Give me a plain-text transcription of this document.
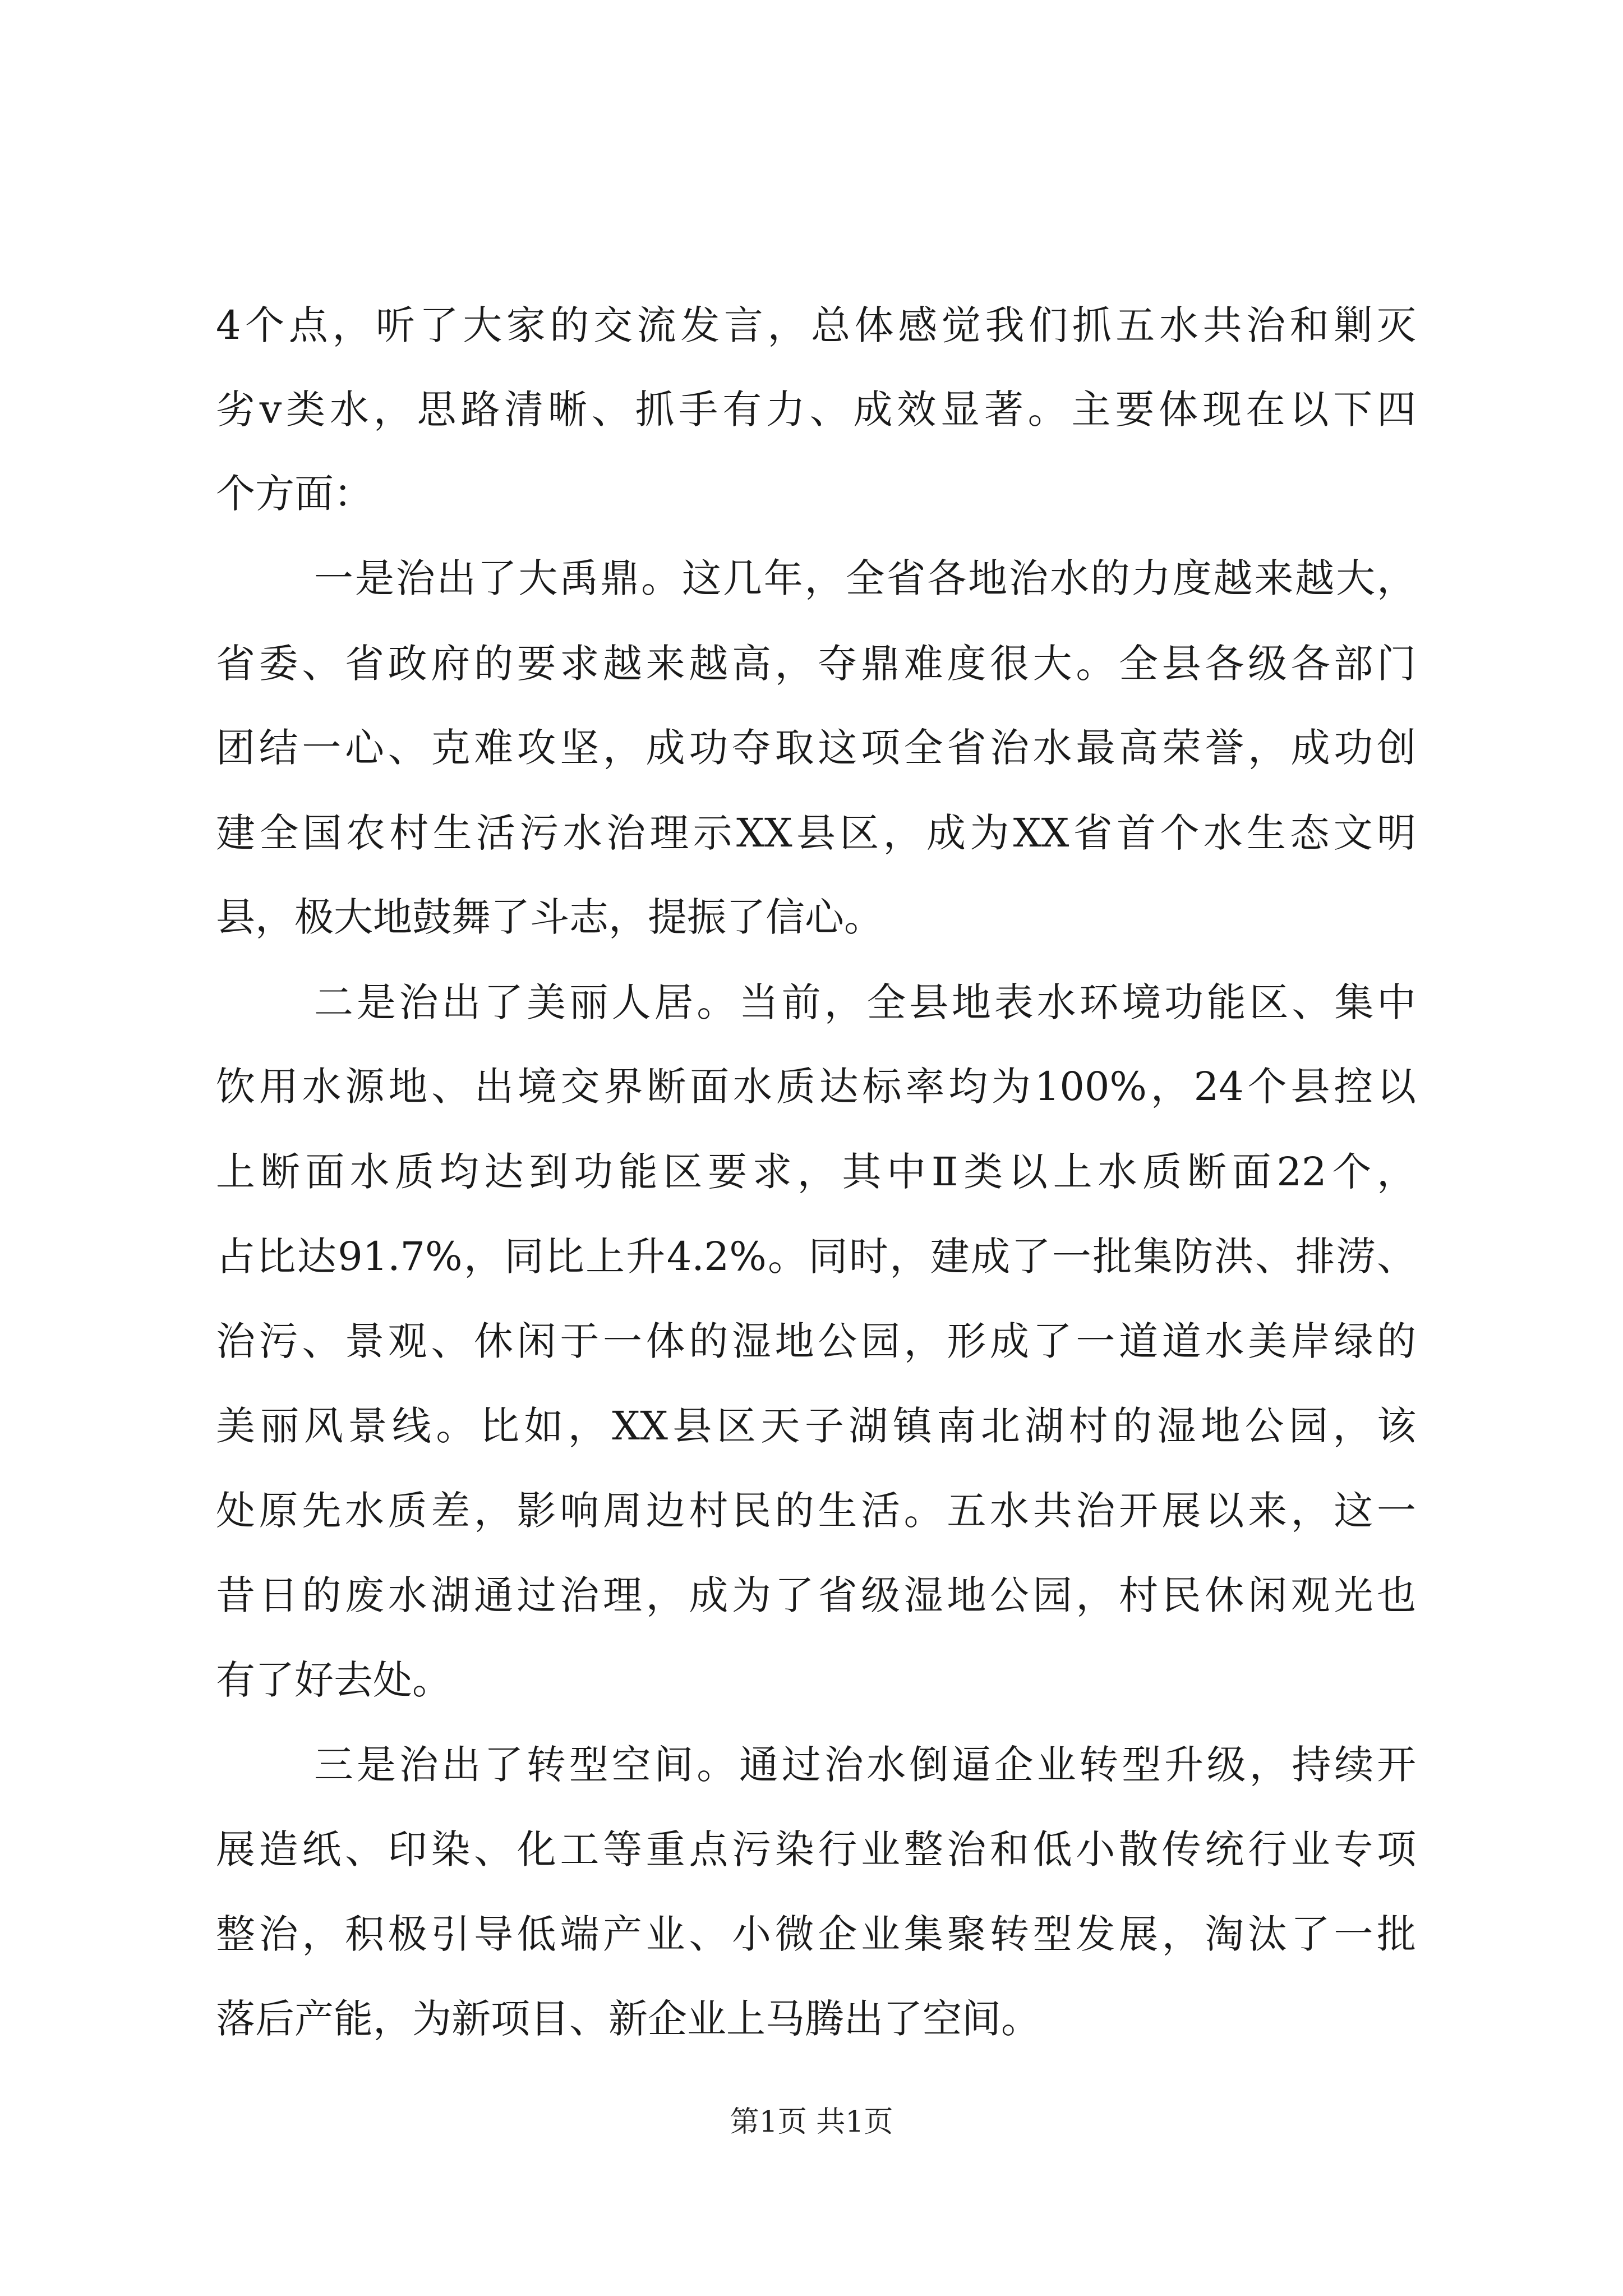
4个点，听了大家的交流发言，总体感觉我们抓五水共治和剿灭
劣v类水，思路清晰、抓手有力、成效显著。主要体现在以下四
个方面：
一是治出了大禹鼎。这几年，全省各地治水的力度越来越大，
省委、省政府的要求越来越高，夺鼎难度很大。全县各级各部门
团结一心、克难攻坚，成功夺取这项全省治水最高荣誉，成功创
建全国农村生活污水治理示XX县区，成为XX省首个水生态文明
县，极大地鼓舞了斗志，提振了信心。
二是治出了美丽人居。当前，全县地表水环境功能区、集中
饮用水源地、出境交界断面水质达标率均为100%，24个县控以
上断面水质均达到功能区要求，其中Ⅱ类以上水质断面22个，
占比达91.7%，同比上升4.2%。同时，建成了一批集防洪、排涝、
治污、景观、休闲于一体的湿地公园，形成了一道道水美岸绿的
美丽风景线。比如，XX县区天子湖镇南北湖村的湿地公园，该
处原先水质差，影响周边村民的生活。五水共治开展以来，这一
昔日的废水湖通过治理，成为了省级湿地公园，村民休闲观光也
有了好去处。
三是治出了转型空间。通过治水倒逼企业转型升级，持续开
展造纸、印染、化工等重点污染行业整治和低小散传统行业专项
整治，积极引导低端产业、小微企业集聚转型发展，淘汰了一批
落后产能，为新项目、新企业上马腾出了空间。
第1页 共1页
